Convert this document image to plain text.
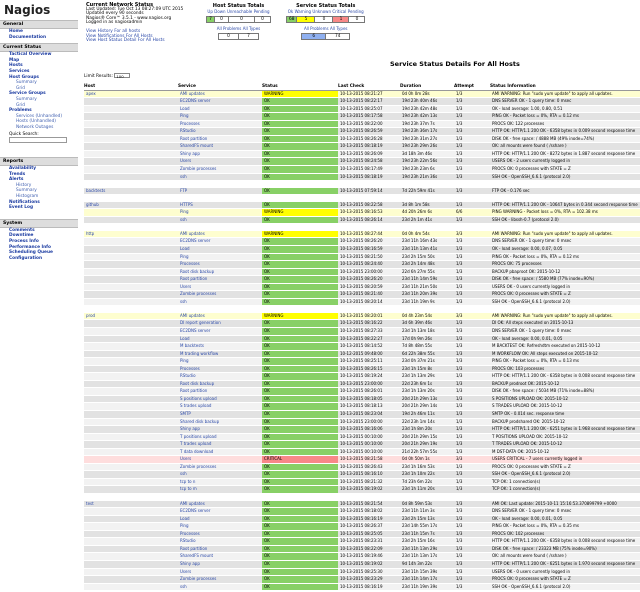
Nagios
General
Home
Documentation
Current Status
Tactical Overview
Map
Hosts
Services
Host Groups
Summary
Grid
Service Groups
Summary
Grid
Problems
Services (Unhandled)
Hosts (Unhandled)
Network Outages
Quick Search:
Reports
Availability
Trends
Alerts
History
Summary
Histogram
Notifications
Event Log
System
Comments
Downtime
Process Info
Performance Info
Scheduling Queue
Configuration
Current Network Status
Last Updated: Tue Oct 13 08:27:09 UTC 2015
Updated every 90 seconds
Nagios® Core™ 3.5.1 - www.nagios.org
Logged in as nagiosadmin
View History For all hosts
View Notifications For All Hosts
View Host Status Detail For All Hosts
Host Status Totals
Up Down Unreachable Pending
7	0	0	0
All Problems All Types
0	7
Service Status Totals
Ok Warning Unknown Critical Pending
68	5	0	1	0
All Problems All Types
6	74
Service Status Details For All Hosts
Limit Results: 100
Host	Service	Status	Last Check	Duration	Attempt	Status Information
apex	AMI updates	WARNING	10-13-2015 08:21:27	0d 0h 0m 28s	1/3	AMI WARNING: Run "sudo yum update" to apply all updates.
	EC2DNS server	OK	10-13-2015 08:22:17	19d 23h 40m 46s	1/3	DNS SERVER OK - 1 query time: 0 msec
	Load	OK	10-13-2015 08:25:07	19d 23h 42m 48s	1/3	OK - load average: 1.00, 0.80, 0.51
	Ping	OK	10-13-2015 08:17:58	19d 23h 42m 13s	1/3	PING OK - Packet loss = 0%, RTA = 0.12 ms
	Processes	OK	10-13-2015 08:22:00	19d 23h 37m 7s	1/3	PROCS OK: 122 processes
	RStudio	OK	10-13-2015 08:26:59	19d 23h 36m 17s	1/3	HTTP OK: HTTP/1.1 200 OK - 6358 bytes in 0.009 second response time
	Root partition	OK	10-13-2015 08:26:28	19d 23h 31m 27s	1/3	DISK OK - free space: / 4888 MB (49% inode=74%)
	SharedFS mount	OK	10-13-2015 08:18:19	19d 23h 29m 26s	1/3	OK: all mounts were found ( /sshare )
	Shiny app	OK	10-13-2015 08:26:09	3d 18h 3m 46s	1/3	HTTP OK: HTTP/1.1 200 OK - 8272 bytes in 1.887 second response time
	Users	OK	10-13-2015 08:24:58	19d 23h 22m 56s	1/3	USERS OK - 2 users currently logged in
	Zombie processes	OK	10-13-2015 08:17:49	19d 23h 23m 6s	1/3	PROCS OK: 0 processes with STATE = Z
	ssh	OK	10-13-2015 08:18:19	19d 23h 21m 36s	1/3	SSH OK - OpenSSH_6.6.1 (protocol 2.0)

backtests	FTP	OK	10-13-2015 07:59:14	7d 22h 59m 41s	1/3	FTP OK - 0.176 sec

github	HTTPS	OK	10-13-2015 08:22:58	3d 8h 1m 58s	1/3	HTTP OK: HTTP/1.1 200 OK - 10647 bytes in 0.344 second response time
	Ping	WARNING	10-13-2015 08:16:53	4d 20h 26m 6s	6/6	PING WARNING - Packet loss = 0%, RTA = 102.38 ms
	ssh	OK	10-13-2015 08:26:14	23d 2h 1m 41s	1/3	SSH OK - libssh-0.7 (protocol 2.0)

http	AMI updates	WARNING	10-13-2015 08:27:44	0d 0h 4m 54s	3/3	AMI WARNING: Run "sudo yum update" to apply all updates.
	EC2DNS server	OK	10-13-2015 08:26:20	23d 11h 16m 43s	1/3	DNS SERVER OK - 1 query time: 0 msec
	Load	OK	10-13-2015 08:16:59	23d 11h 13m 41s	1/3	OK - load average: 0.00, 0.07, 0.05
	Ping	OK	10-13-2015 08:21:50	23d 2h 15m 50s	1/3	PING OK - Packet loss = 0%, RTA = 0.12 ms
	Processes	OK	10-13-2015 08:24:40	23d 2h 14m 48s	1/3	PROCS OK: 75 processes
	Root disk backup	OK	10-13-2015 23:00:00	22d 6h 27m 55s	1/3	BACKUP pbaproot OK: 2015-10-12
	Root partition	OK	10-13-2015 08:26:20	23d 11h 14m 59s	1/3	DISK OK - free space: / 5580 MB (77% inode=90%)
	Users	OK	10-13-2015 08:20:59	23d 11h 21m 50s	1/3	USERS OK - 0 users currently logged in
	Zombie processes	OK	10-13-2015 08:21:40	23d 11h 20m 39s	1/3	PROCS OK: 0 processes with STATE = Z
	ssh	OK	10-13-2015 08:20:14	23d 11h 19m 9s	1/3	SSH OK - OpenSSH_6.6.1 (protocol 2.0)

prod	AMI updates	WARNING	10-13-2015 08:20:01	0d 4h 23m 54s	3/3	AMI WARNING: Run "sudo yum update" to apply all updates.
	DI report generation	OK	10-13-2015 08:16:22	3d 6h 39m 46s	1/3	DI OK: All steps executed on 2015-10-13
	EC2DNS server	OK	10-13-2015 08:27:33	23d 1h 13m 18s	1/3	DNS SERVER OK - 1 query time: 0 msec
	Load	OK	10-13-2015 08:22:27	17d 0h 9m 26s	1/3	OK - load average: 0.00, 0.01, 0.05
	M backtests	OK	10-13-2015 08:14:52	7d 8h 48m 55s	1/3	M BACKTEST OK: Refreshdtm executed on 2015-10-12
	M trading workflow	OK	10-12-2015 09:48:00	6d 22h 38m 55s	1/3	M WORKFLOW OK: All steps executed on 2015-10-12
	Ping	OK	10-13-2015 08:25:11	23d 0h 37m 21s	1/3	PING OK - Packet loss = 0%, RTA = 0.13 ms
	Processes	OK	10-13-2015 08:26:15	23d 1h 15m 8s	1/3	PROCS OK: 103 processes
	RStudio	OK	10-13-2015 08:19:24	23d 1h 13m 29s	1/3	HTTP OK: HTTP/1.1 200 OK - 6358 bytes in 0.008 second response time
	Root disk backup	OK	10-13-2015 23:00:00	22d 23h 6m 1s	1/3	BACKUP prodroot OK: 2015-10-12
	Root partition	OK	10-13-2015 08:26:01	23d 1h 13m 20s	1/3	DISK OK - free space: / 5034 MB (71% inode=88%)
	S positions upload	OK	10-13-2015 08:18:05	20d 21h 29m 13s	1/3	S POSITIONS UPLOAD OK: 2015-10-12
	S trades upload	OK	10-13-2015 08:18:13	20d 21h 29m 14s	1/3	S TRADES UPLOAD OK: 2015-10-12
	SMTP	OK	10-13-2015 08:23:04	19d 2h 46m 11s	1/3	SMTP OK - 0.014 sec. response time
	Shared disk backup	OK	10-13-2015 23:00:00	22d 23h 1m 14s	1/3	BACKUP prodshared OK: 2015-10-12
	Shiny app	OK	10-13-2015 08:16:06	23d 1h 8m 20s	1/3	HTTP OK: HTTP/1.1 200 OK - 6251 bytes in 1.968 second response time
	T positions upload	OK	10-13-2015 00:10:00	20d 21h 29m 15s	1/3	T POSITIONS UPLOAD OK: 2015-10-12
	T trades upload	OK	10-13-2015 00:10:00	20d 21h 29m 19s	1/3	T TRADES UPLOAD OK: 2015-10-12
	T data download	OK	10-13-2015 00:10:00	21d 22h 57m 55s	1/3	M DST-DATA OK: 2015-10-12
	Users	CRITICAL	10-13-2015 08:21:58	0d 0h 50m 1s	3/3	USERS CRITICAL - 7 users currently logged in
	Zombie processes	OK	10-13-2015 08:26:43	23d 1h 16m 53s	1/3	PROCS OK: 0 processes with STATE = Z
	ssh	OK	10-13-2015 08:16:10	23d 1h 10m 22s	1/3	SSH OK - OpenSSH_6.6.1 (protocol 2.0)
	tcp to n	OK	10-13-2015 08:21:32	7d 23h 6m 22s	1/3	TCP OK: 1 connection(s)
	tcp to m	OK	10-13-2015 08:19:02	23d 1h 11m 20s	1/3	TCP OK: 1 connection(s)

test	AMI updates	OK	10-13-2015 08:21:54	0d 8h 59m 53s	1/3	AMI OK: Last update: 2015-10-11 15:16:53.370899799 +0000
	EC2DNS server	OK	10-13-2015 08:18:02	23d 11h 11m 3s	1/3	DNS SERVER OK - 1 query time: 0 msec
	Load	OK	10-13-2015 08:16:19	23d 2h 15m 13s	1/3	OK - load average: 0.00, 0.01, 0.05
	Ping	OK	10-13-2015 08:26:37	23d 14h 55m 17s	1/3	PING OK - Packet loss = 0%, RTA = 0.35 ms
	Processes	OK	10-13-2015 08:25:05	23d 11h 15m 7s	1/3	PROCS OK: 102 processes
	RStudio	OK	10-13-2015 08:23:31	23d 2h 15m 16s	1/3	HTTP OK: HTTP/1.1 200 OK - 6358 bytes in 0.008 second response time
	Root partition	OK	10-13-2015 08:22:09	23d 11h 13m 29s	1/3	DISK OK - free space: / 23323 MB (75% inode=90%)
	SharedFS mount	OK	10-13-2015 08:19:46	23d 11h 13m 17s	1/3	OK: all mounts were found ( /sshare )
	Shiny app	OK	10-13-2015 08:19:02	9d 14h 3m 22s	1/3	HTTP OK: HTTP/1.1 200 OK - 6251 bytes in 1.970 second response time
	Users	OK	10-13-2015 08:25:30	23d 11h 15m 39s	1/3	USERS OK - 0 users currently logged in
	Zombie processes	OK	10-13-2015 08:23:29	23d 11h 14m 17s	1/3	PROCS OK: 0 processes with STATE = Z
	ssh	OK	10-13-2015 08:16:19	23d 11h 19m 39s	1/3	SSH OK - OpenSSH_6.6.1 (protocol 2.0)
